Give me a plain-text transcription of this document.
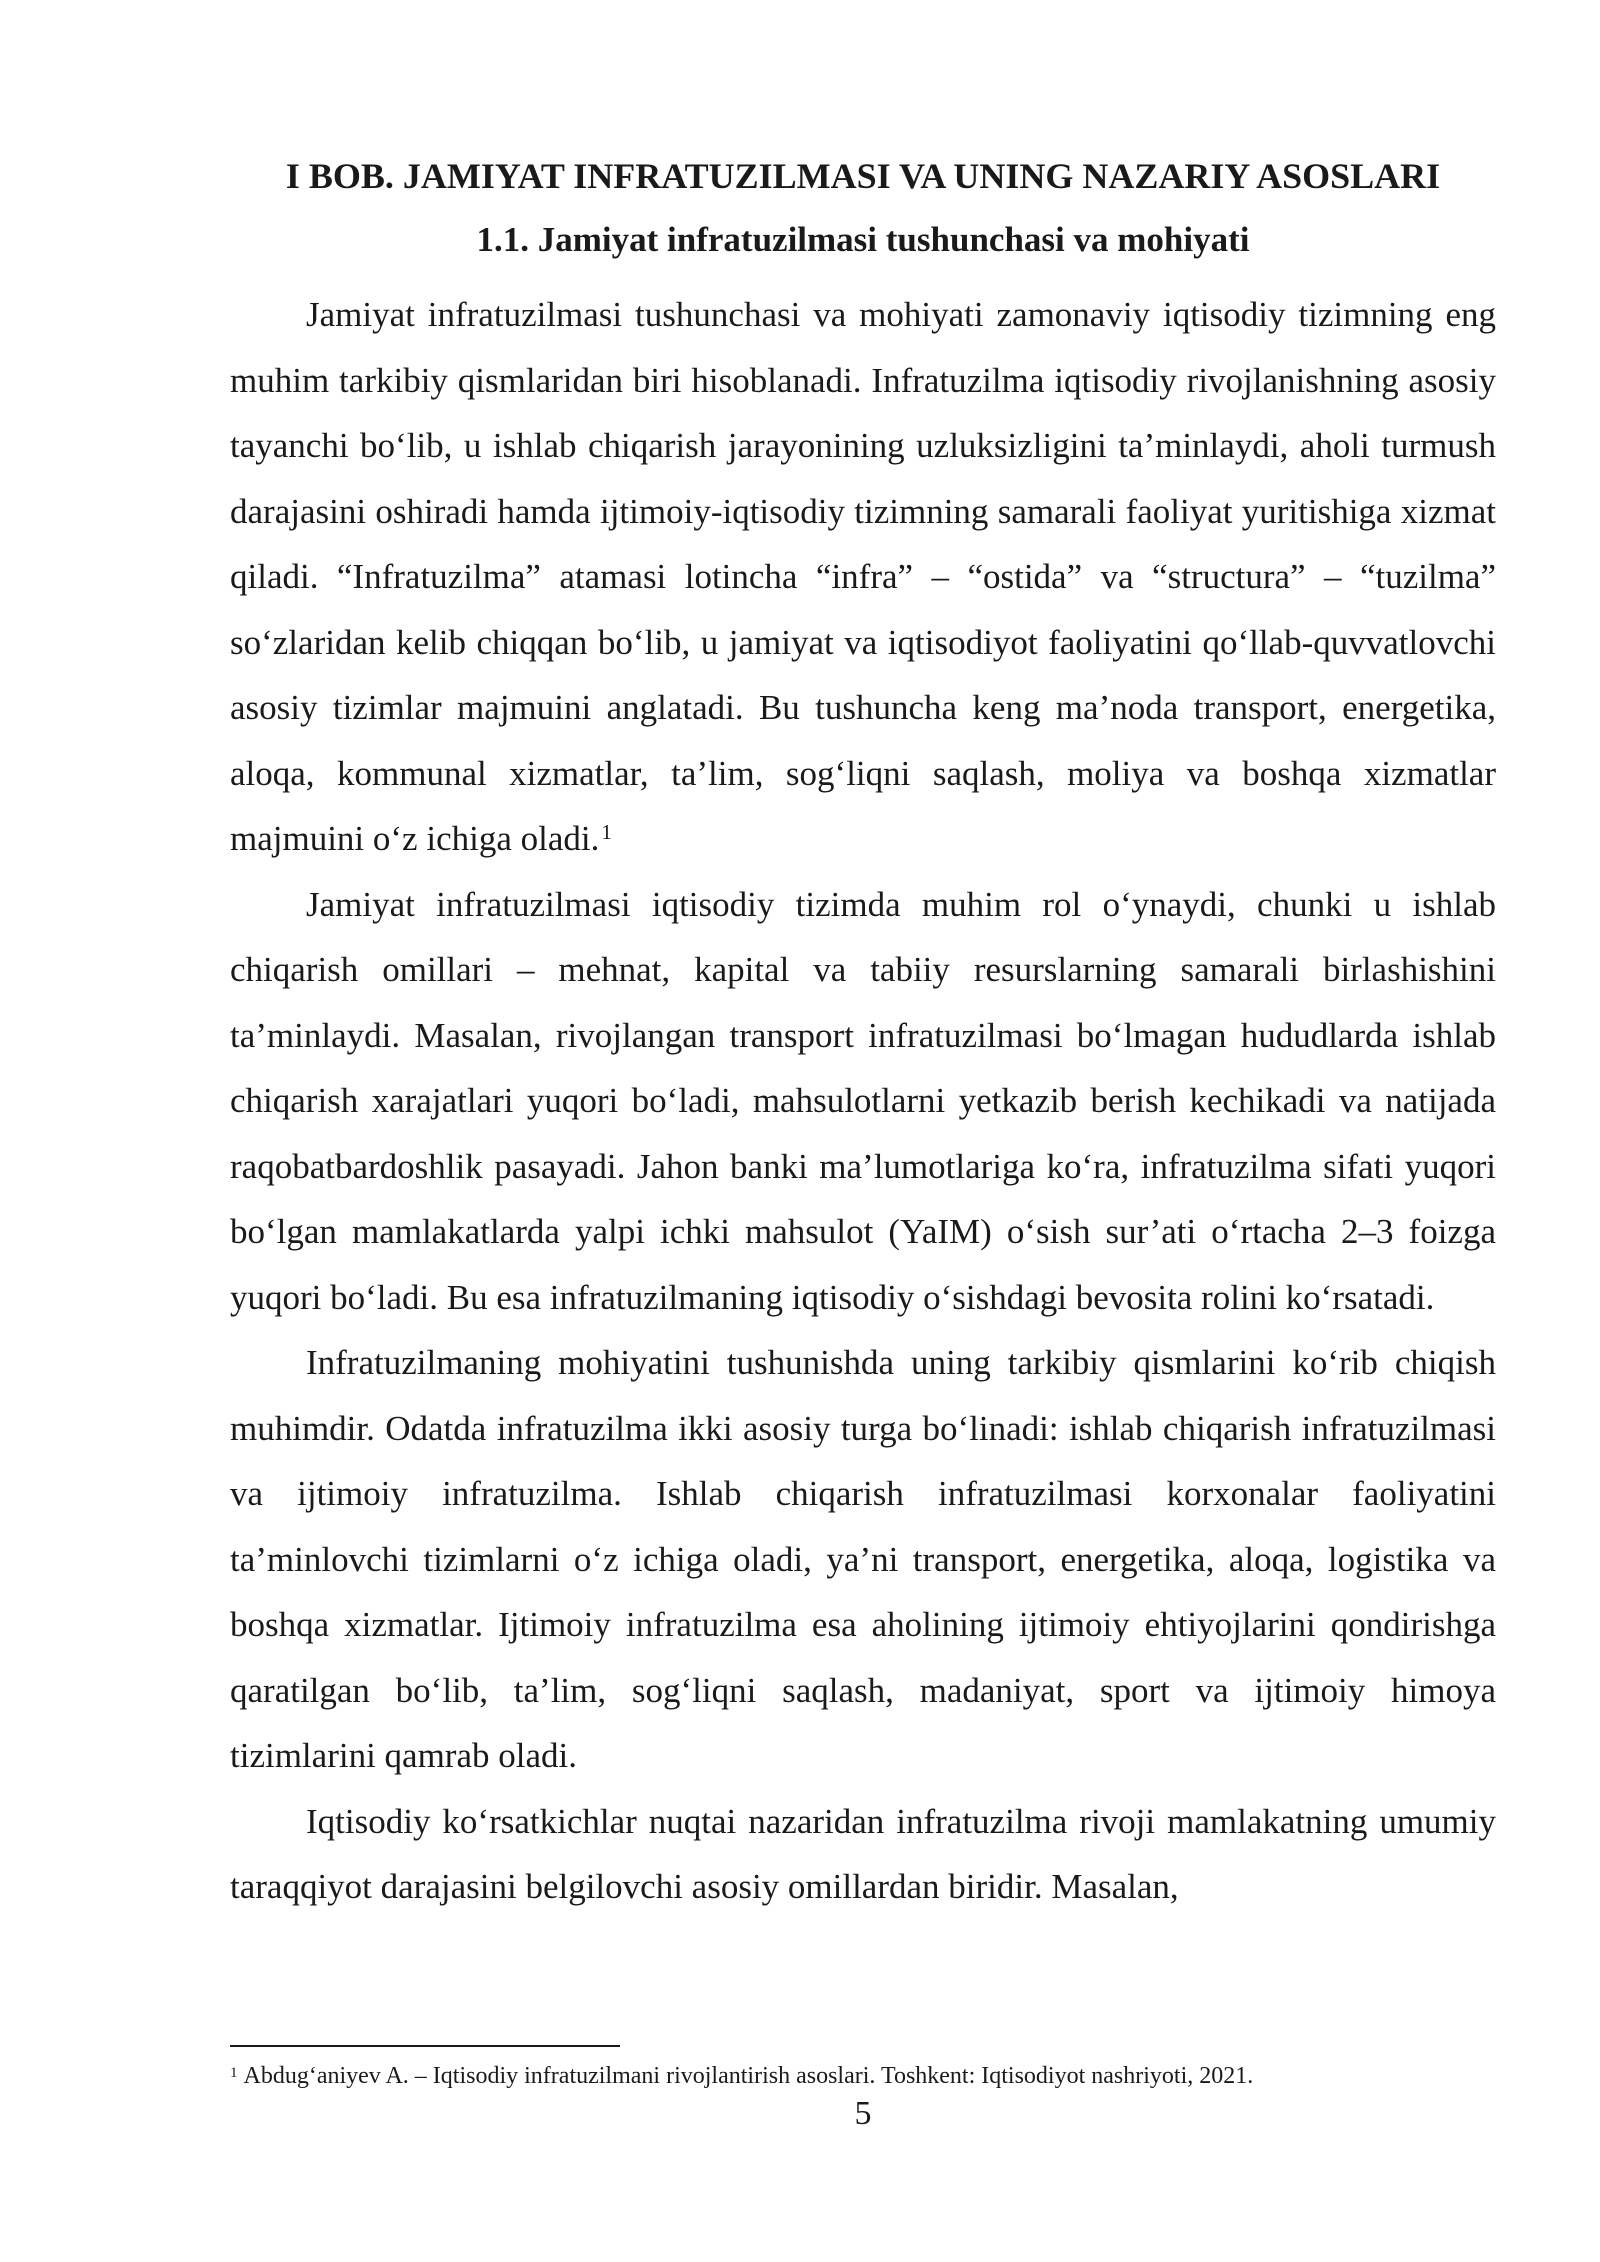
I BOB. JAMIYAT INFRATUZILMASI VA UNING NAZARIY ASOSLARI
1.1. Jamiyat infratuzilmasi tushunchasi va mohiyati

Jamiyat infratuzilmasi tushunchasi va mohiyati zamonaviy iqtisodiy tizimning eng muhim tarkibiy qismlaridan biri hisoblanadi. Infratuzilma iqtisodiy rivojlanishning asosiy tayanchi bo‘lib, u ishlab chiqarish jarayonining uzluksizligini ta’minlaydi, aholi turmush darajasini oshiradi hamda ijtimoiy-iqtisodiy tizimning samarali faoliyat yuritishiga xizmat qiladi. “Infratuzilma” atamasi lotincha “infra” – “ostida” va “structura” – “tuzilma” so‘zlaridan kelib chiqqan bo‘lib, u jamiyat va iqtisodiyot faoliyatini qo‘llab-quvvatlovchi asosiy tizimlar majmuini anglatadi. Bu tushuncha keng ma’noda transport, energetika, aloqa, kommunal xizmatlar, ta’lim, sog‘liqni saqlash, moliya va boshqa xizmatlar majmuini o‘z ichiga oladi.$^1$

Jamiyat infratuzilmasi iqtisodiy tizimda muhim rol o‘ynaydi, chunki u ishlab chiqarish omillari – mehnat, kapital va tabiiy resurslarning samarali birlashishini ta’minlaydi. Masalan, rivojlangan transport infratuzilmasi bo‘lmagan hududlarda ishlab chiqarish xarajatlari yuqori bo‘ladi, mahsulotlarni yetkazib berish kechikadi va natijada raqobatbardoshlik pasayadi. Jahon banki ma’lumotlariga ko‘ra, infratuzilma sifati yuqori bo‘lgan mamlakatlarda yalpi ichki mahsulot (YaIM) o‘sish sur’ati o‘rtacha 2–3 foizga yuqori bo‘ladi. Bu esa infratuzilmaning iqtisodiy o‘sishdagi bevosita rolini ko‘rsatadi.

Infratuzilmaning mohiyatini tushunishda uning tarkibiy qismlarini ko‘rib chiqish muhimdir. Odatda infratuzilma ikki asosiy turga bo‘linadi: ishlab chiqarish infratuzilmasi va ijtimoiy infratuzilma. Ishlab chiqarish infratuzilmasi korxonalar faoliyatini ta’minlovchi tizimlarni o‘z ichiga oladi, ya’ni transport, energetika, aloqa, logistika va boshqa xizmatlar. Ijtimoiy infratuzilma esa aholining ijtimoiy ehtiyojlarini qondirishga qaratilgan bo‘lib, ta’lim, sog‘liqni saqlash, madaniyat, sport va ijtimoiy himoya tizimlarini qamrab oladi.

Iqtisodiy ko‘rsatkichlar nuqtai nazaridan infratuzilma rivoji mamlakatning umumiy taraqqiyot darajasini belgilovchi asosiy omillardan biridir. Masalan,

$^1$ Abdug‘aniyev A. – Iqtisodiy infratuzilmani rivojlantirish asoslari. Toshkent: Iqtisodiyot nashriyoti, 2021.

5
